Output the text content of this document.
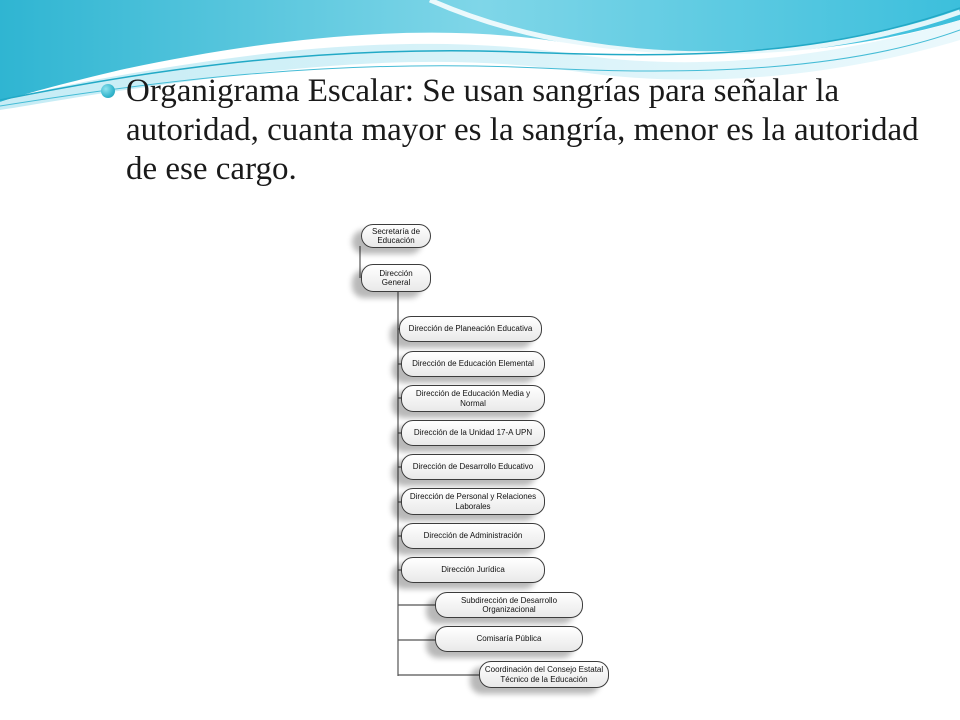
Organigrama Escalar: Se usan sangrías para señalar la autoridad, cuanta mayor es la sangría, menor es la autoridad de ese cargo.

Secretaría de Educación
Dirección General
Dirección de Planeación Educativa
Dirección de Educación Elemental
Dirección de Educación Media y Normal
Dirección de la Unidad 17-A UPN
Dirección de Desarrollo Educativo
Dirección de Personal y Relaciones Laborales
Dirección de Administración
Dirección Jurídica
Subdirección de Desarrollo Organizacional
Comisaría Pública
Coordinación del Consejo Estatal Técnico de la Educación
